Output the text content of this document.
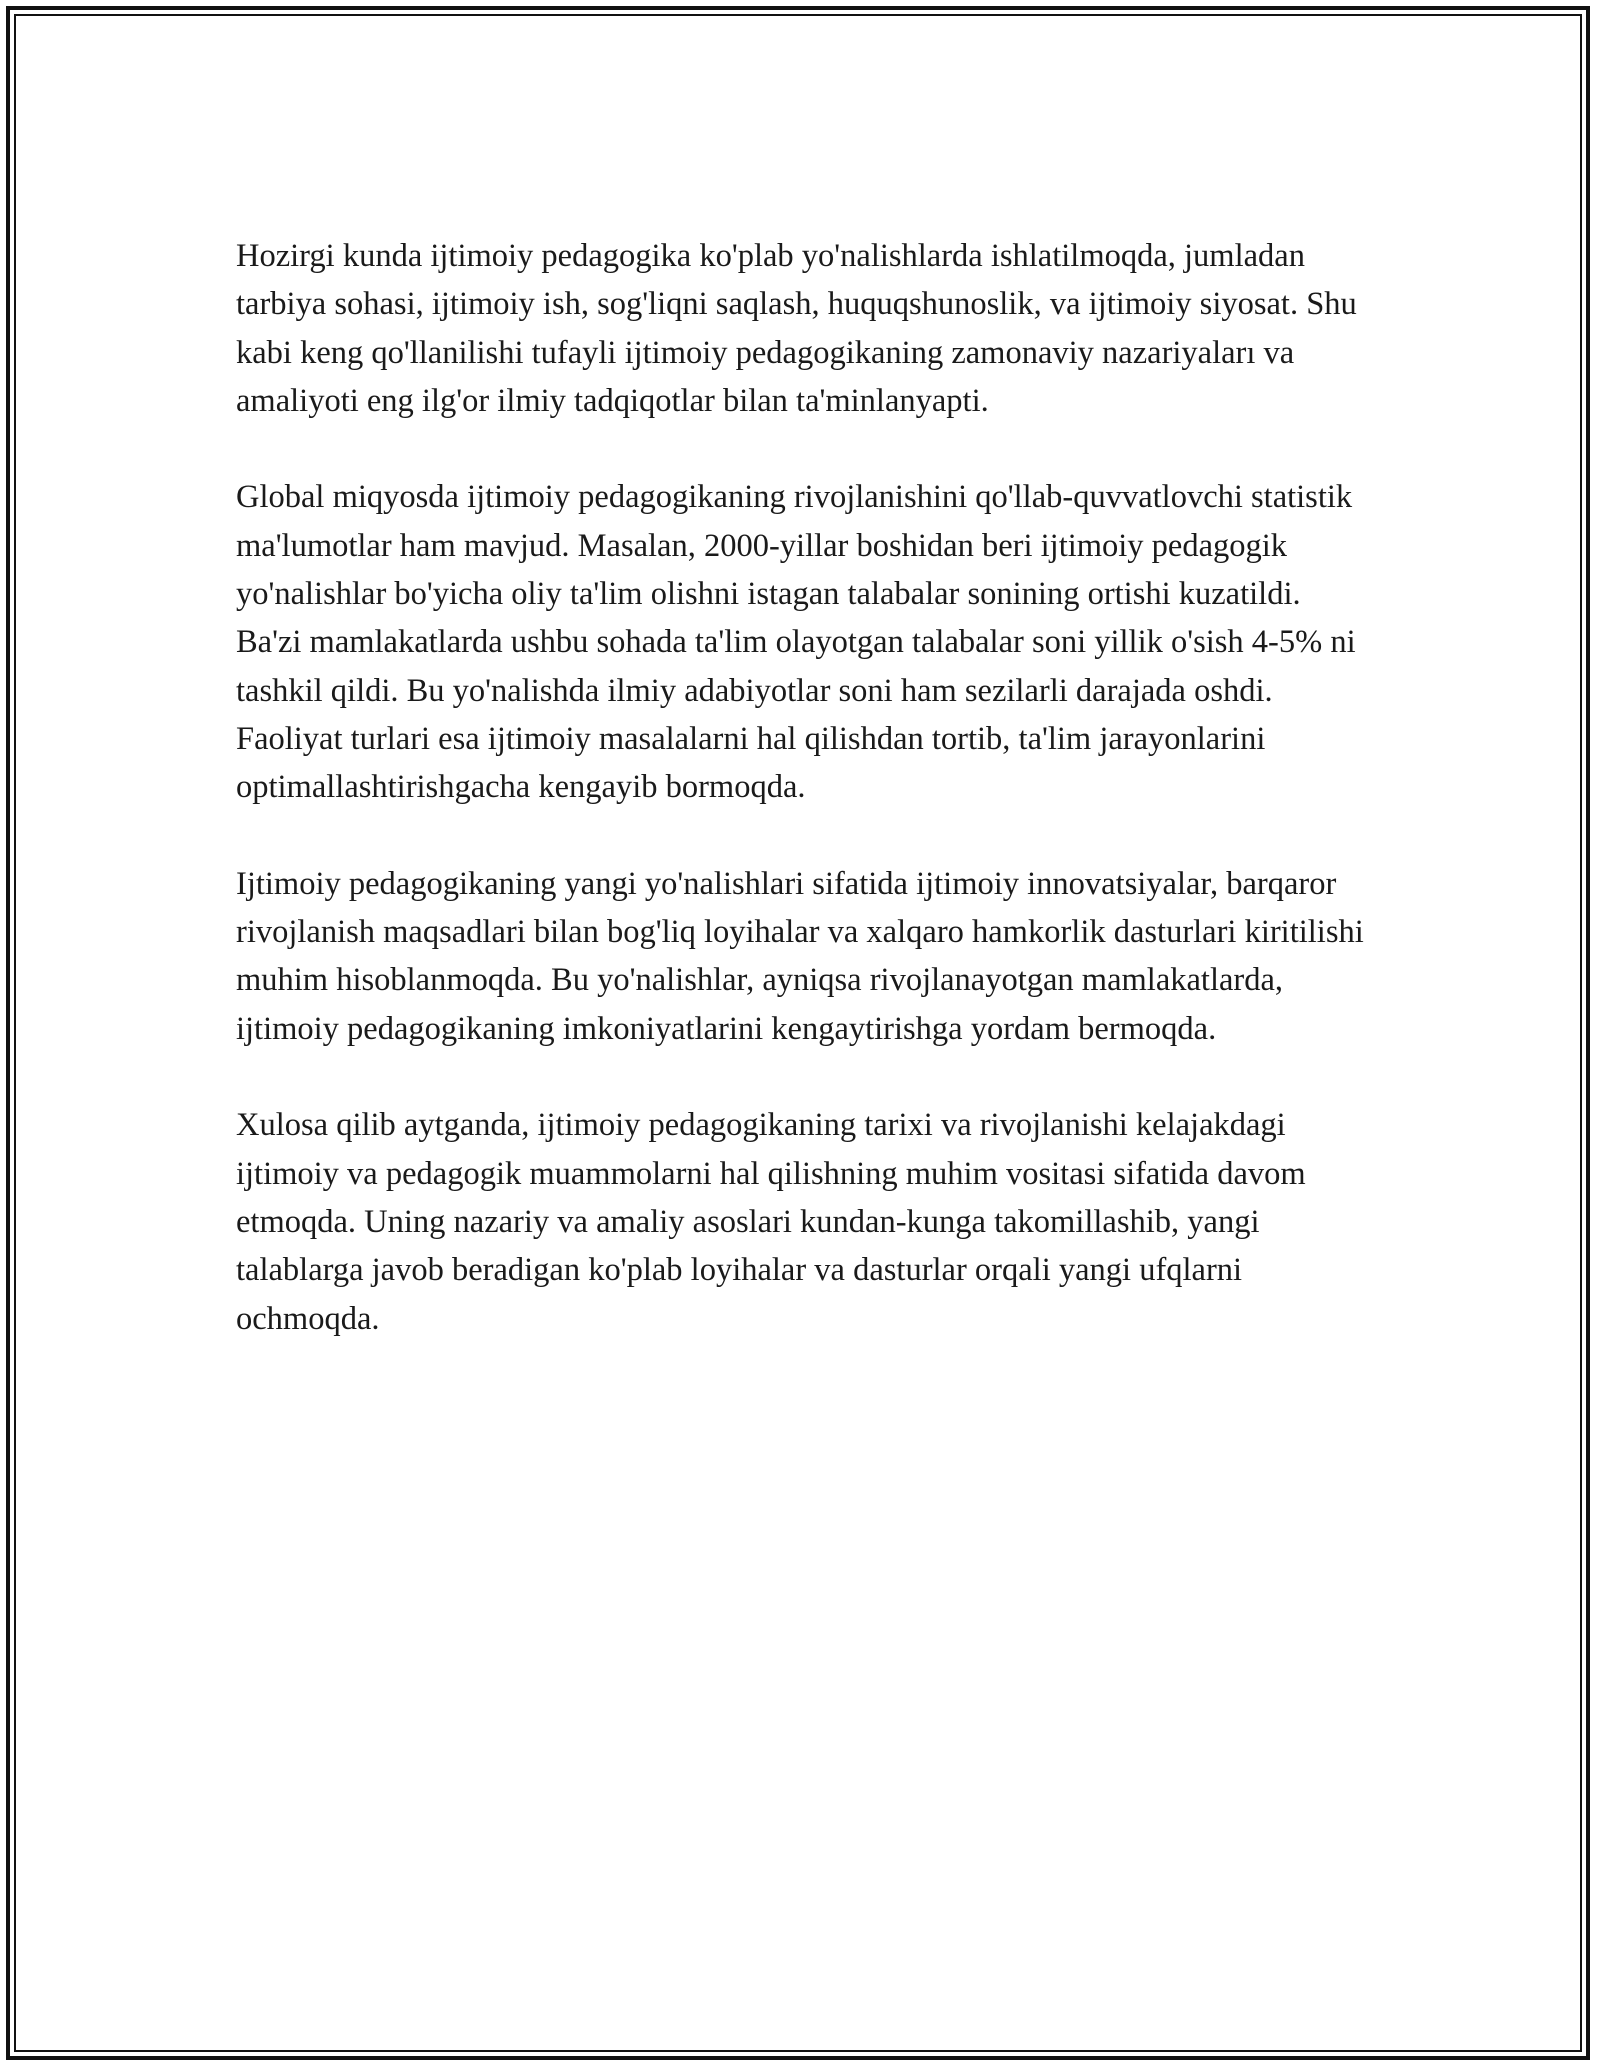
Hozirgi kunda ijtimoiy pedagogika ko'plab yo'nalishlarda ishlatilmoqda, jumladan tarbiya sohasi, ijtimoiy ish, sog'liqni saqlash, huquqshunoslik, va ijtimoiy siyosat. Shu kabi keng qo'llanilishi tufayli ijtimoiy pedagogikaning zamonaviy nazariyaları va amaliyoti eng ilg'or ilmiy tadqiqotlar bilan ta'minlanyapti.

Global miqyosda ijtimoiy pedagogikaning rivojlanishini qo'llab-quvvatlovchi statistik ma'lumotlar ham mavjud. Masalan, 2000-yillar boshidan beri ijtimoiy pedagogik yo'nalishlar bo'yicha oliy ta'lim olishni istagan talabalar sonining ortishi kuzatildi. Ba'zi mamlakatlarda ushbu sohada ta'lim olayotgan talabalar soni yillik o'sish 4-5% ni tashkil qildi. Bu yo'nalishda ilmiy adabiyotlar soni ham sezilarli darajada oshdi. Faoliyat turlari esa ijtimoiy masalalarni hal qilishdan tortib, ta'lim jarayonlarini optimallashtirishgacha kengayib bormoqda.

Ijtimoiy pedagogikaning yangi yo'nalishlari sifatida ijtimoiy innovatsiyalar, barqaror rivojlanish maqsadlari bilan bog'liq loyihalar va xalqaro hamkorlik dasturlari kiritilishi muhim hisoblanmoqda. Bu yo'nalishlar, ayniqsa rivojlanayotgan mamlakatlarda, ijtimoiy pedagogikaning imkoniyatlarini kengaytirishga yordam bermoqda.

Xulosa qilib aytganda, ijtimoiy pedagogikaning tarixi va rivojlanishi kelajakdagi ijtimoiy va pedagogik muammolarni hal qilishning muhim vositasi sifatida davom etmoqda. Uning nazariy va amaliy asoslari kundan-kunga takomillashib, yangi talablarga javob beradigan ko'plab loyihalar va dasturlar orqali yangi ufqlarni ochmoqda.
